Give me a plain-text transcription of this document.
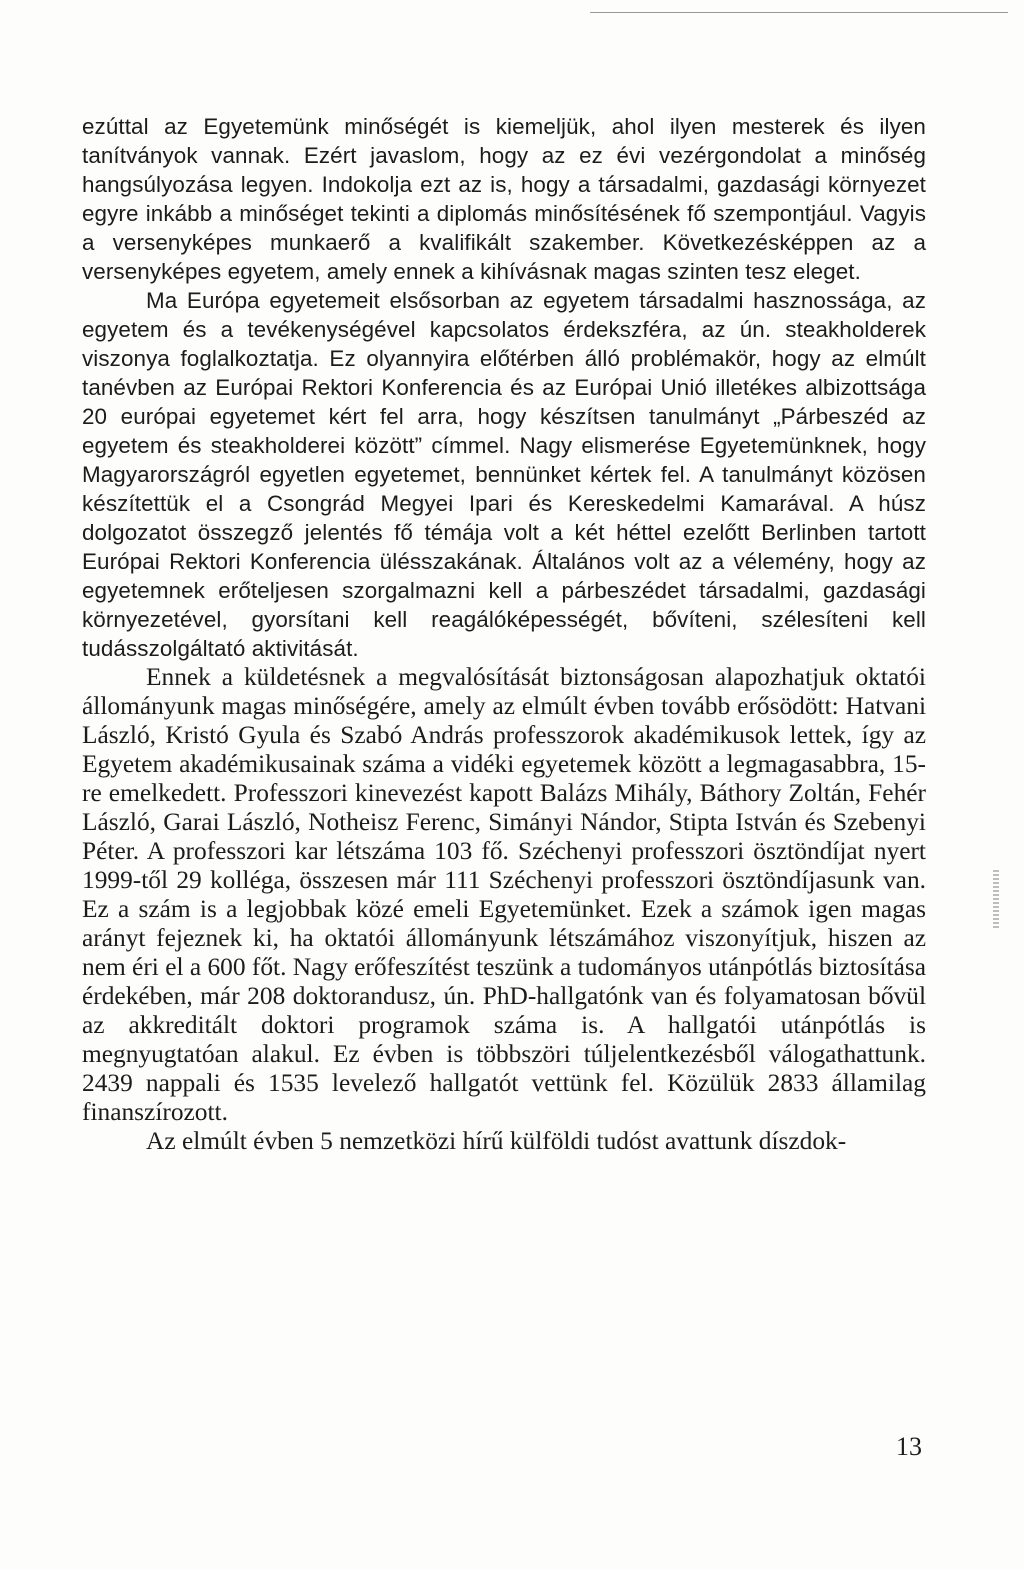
ezúttal az Egyetemünk minőségét is kiemeljük, ahol ilyen mesterek és ilyen tanítványok vannak. Ezért javaslom, hogy az ez évi vezérgondolat a minőség hangsúlyozása legyen. Indokolja ezt az is, hogy a társadalmi, gazdasági környezet egyre inkább a minőséget tekinti a diplomás minősítésének fő szempontjául. Vagyis a versenyképes munkaerő a kvalifikált szakember. Következésképpen az a versenyképes egyetem, amely ennek a kihívásnak magas szinten tesz eleget.

Ma Európa egyetemeit elsősorban az egyetem társadalmi hasznossága, az egyetem és a tevékenységével kapcsolatos érdekszféra, az ún. steakholderek viszonya foglalkoztatja. Ez olyannyira előtérben álló problémakör, hogy az elmúlt tanévben az Európai Rektori Konferencia és az Európai Unió illetékes albizottsága 20 európai egyetemet kért fel arra, hogy készítsen tanulmányt „Párbeszéd az egyetem és steakholderei között” címmel. Nagy elismerése Egyetemünknek, hogy Magyarországról egyetlen egyetemet, bennünket kértek fel. A tanulmányt közösen készítettük el a Csongrád Megyei Ipari és Kereskedelmi Kamarával. A húsz dolgozatot összegző jelentés fő témája volt a két héttel ezelőtt Berlinben tartott Európai Rektori Konferencia ülésszakának. Általános volt az a vélemény, hogy az egyetemnek erőteljesen szorgalmazni kell a párbeszédet társadalmi, gazdasági környezetével, gyorsítani kell reagálóképességét, bővíteni, szélesíteni kell tudásszolgáltató aktivitását.

Ennek a küldetésnek a megvalósítását biztonságosan alapozhatjuk oktatói állományunk magas minőségére, amely az elmúlt évben tovább erősödött: Hatvani László, Kristó Gyula és Szabó András professzorok akadémikusok lettek, így az Egyetem akadémikusainak száma a vidéki egyetemek között a legmagasabbra, 15-re emelkedett. Professzori kinevezést kapott Balázs Mihály, Báthory Zoltán, Fehér László, Garai László, Notheisz Ferenc, Simányi Nándor, Stipta István és Szebenyi Péter. A professzori kar létszáma 103 fő. Széchenyi professzori ösztöndíjat nyert 1999-től 29 kolléga, összesen már 111 Széchenyi professzori ösztöndíjasunk van. Ez a szám is a legjobbak közé emeli Egyetemünket. Ezek a számok igen magas arányt fejeznek ki, ha oktatói állományunk létszámához viszonyítjuk, hiszen az nem éri el a 600 főt. Nagy erőfeszítést teszünk a tudományos utánpótlás biztosítása érdekében, már 208 doktorandusz, ún. PhD-hallgatónk van és folyamatosan bővül az akkreditált doktori programok száma is. A hallgatói utánpótlás is megnyugtatóan alakul. Ez évben is többszöri túljelentkezésből válogathattunk. 2439 nappali és 1535 levelező hallgatót vettünk fel. Közülük 2833 államilag finanszírozott.

Az elmúlt évben 5 nemzetközi hírű külföldi tudóst avattunk díszdok-

13
